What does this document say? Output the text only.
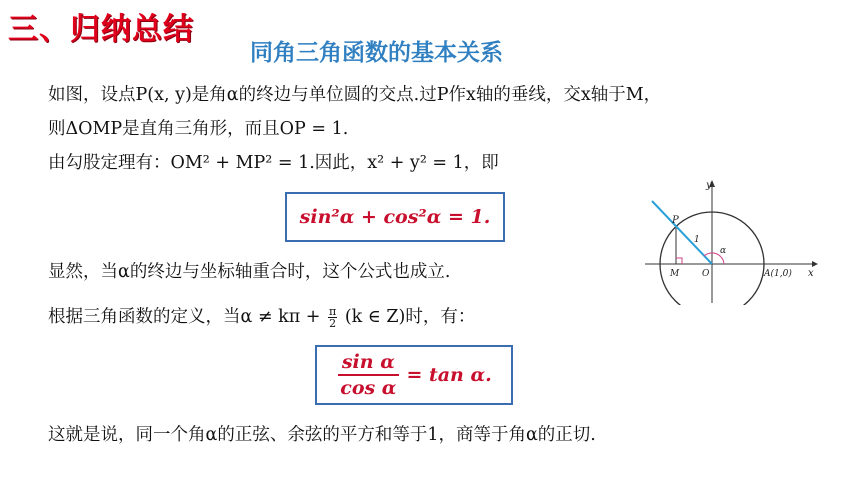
三、归纳总结
同角三角函数的基本关系
如图，设点P(x, y)是角α的终边与单位圆的交点.过P作x轴的垂线，交x轴于M，
则ΔOMP是直角三角形，而且OP = 1.
由勾股定理有：OM² + MP² = 1.因此，x² + y² = 1，即
sin²α + cos²α = 1.
显然，当α的终边与坐标轴重合时，这个公式也成立.
根据三角函数的定义，当$\alpha \ne k\pi + \frac{\pi}{2} (k$ ∈ Z)时，有：
$\frac{\text{sin α}}{\text{cos α}} = \tan \alpha$.
这就是说，同一个角α的正弦、余弦的平方和等于1，商等于角α的正切.
y
x
P
M	O	A(1,0)
1
α
